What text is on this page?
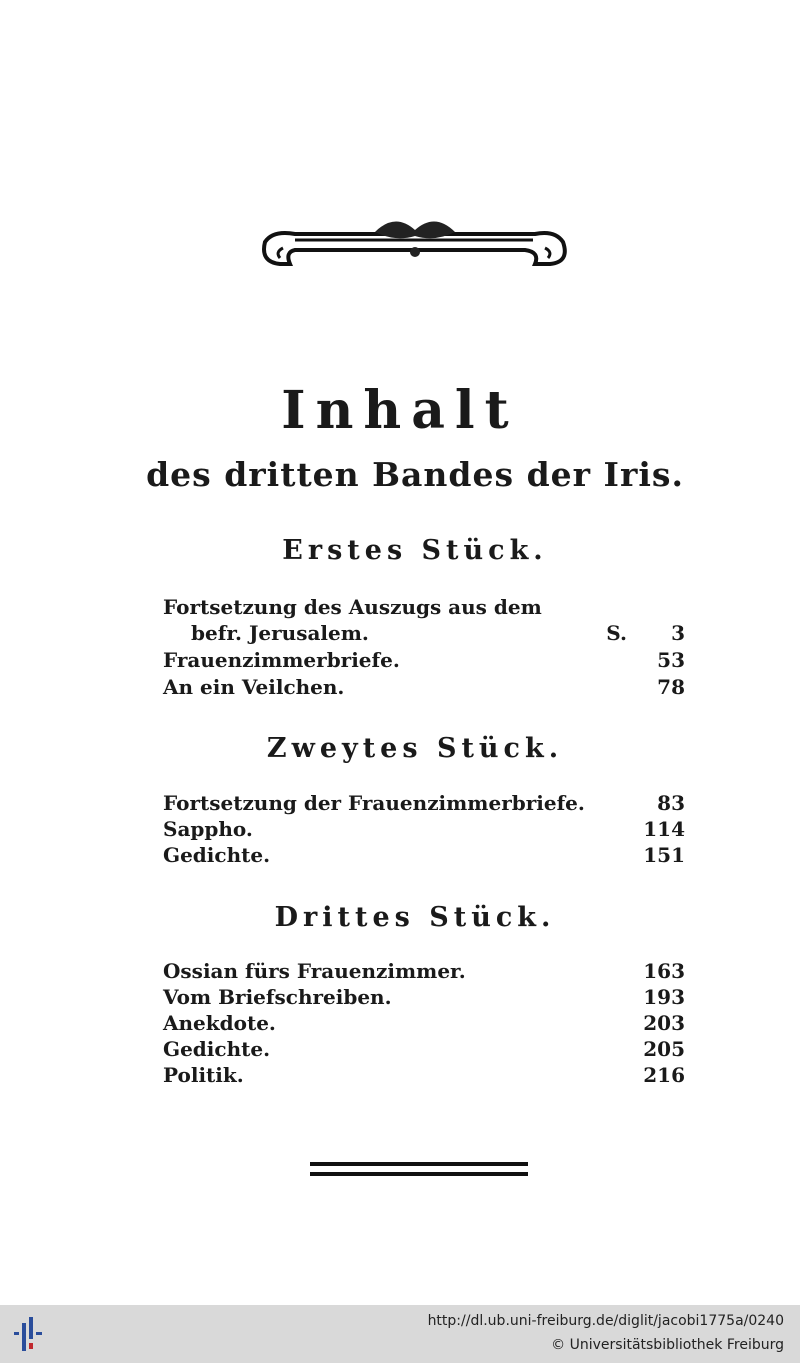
Inhalt
des dritten Bandes der Iris.
Erstes Stück.
Fortsetzung des Auszugs aus dem
befr. Jerusalem.	S. 3
Frauenzimmerbriefe.	53
An ein Veilchen.	78
Zweytes Stück.
Fortsetzung der Frauenzimmerbriefe.	83
Sappho.	114
Gedichte.	151
Drittes Stück.
Ossian fürs Frauenzimmer.	163
Vom Briefschreiben.	193
Anekdote.	203
Gedichte.	205
Politik.	216
http://dl.ub.uni-freiburg.de/diglit/jacobi1775a/0240
© Universitätsbibliothek Freiburg
